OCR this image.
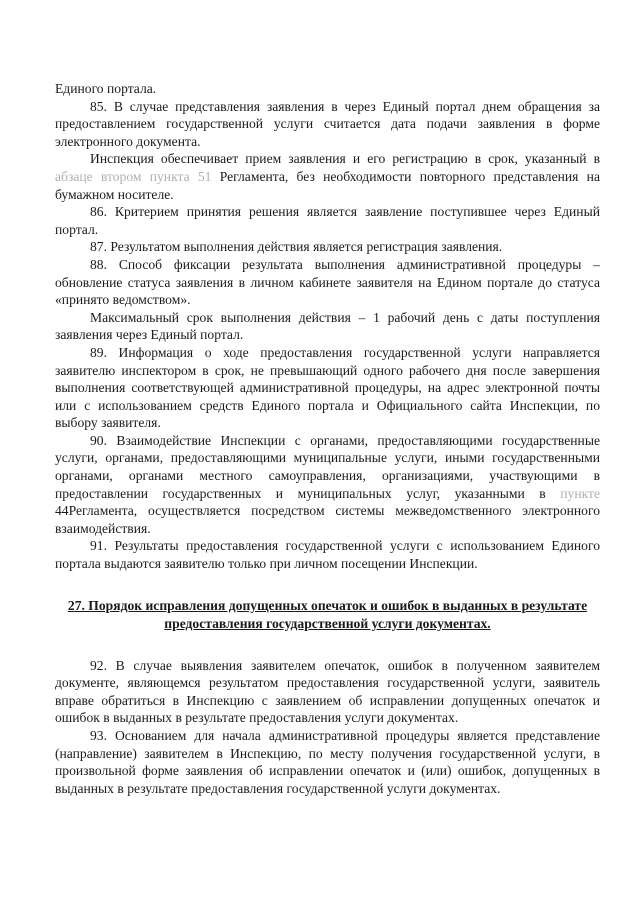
Единого портала.

85. В случае представления заявления в через Единый портал днем обращения за предоставлением государственной услуги считается дата подачи заявления в форме электронного документа.

Инспекция обеспечивает прием заявления и его регистрацию в срок, указанный в абзаце втором пункта 51 Регламента, без необходимости повторного представления на бумажном носителе.

86. Критерием принятия решения является заявление поступившее через Единый портал.

87. Результатом выполнения действия является регистрация заявления.

88. Способ фиксации результата выполнения административной процедуры – обновление статуса заявления в личном кабинете заявителя на Едином портале до статуса «принято ведомством».

Максимальный срок выполнения действия – 1 рабочий день с даты поступления заявления через Единый портал.

89. Информация о ходе предоставления государственной услуги направляется заявителю инспектором в срок, не превышающий одного рабочего дня после завершения выполнения соответствующей административной процедуры, на адрес электронной почты или с использованием средств Единого портала и Официального сайта Инспекции, по выбору заявителя.

90. Взаимодействие Инспекции с органами, предоставляющими государственные услуги, органами, предоставляющими муниципальные услуги, иными государственными органами, органами местного самоуправления, организациями, участвующими в предоставлении государственных и муниципальных услуг, указанными в пункте 44Регламента, осуществляется посредством системы межведомственного электронного взаимодействия.

91. Результаты предоставления государственной услуги с использованием Единого портала выдаются заявителю только при личном посещении Инспекции.

27. Порядок исправления допущенных опечаток и ошибок в выданных в результате предоставления государственной услуги документах.

92. В случае выявления заявителем опечаток, ошибок в полученном заявителем документе, являющемся результатом предоставления государственной услуги, заявитель вправе обратиться в Инспекцию с заявлением об исправлении допущенных опечаток и ошибок в выданных в результате предоставления услуги документах.

93. Основанием для начала административной процедуры является представление (направление) заявителем в Инспекцию, по месту получения государственной услуги, в произвольной форме заявления об исправлении опечаток и (или) ошибок, допущенных в выданных в результате предоставления государственной услуги документах.
